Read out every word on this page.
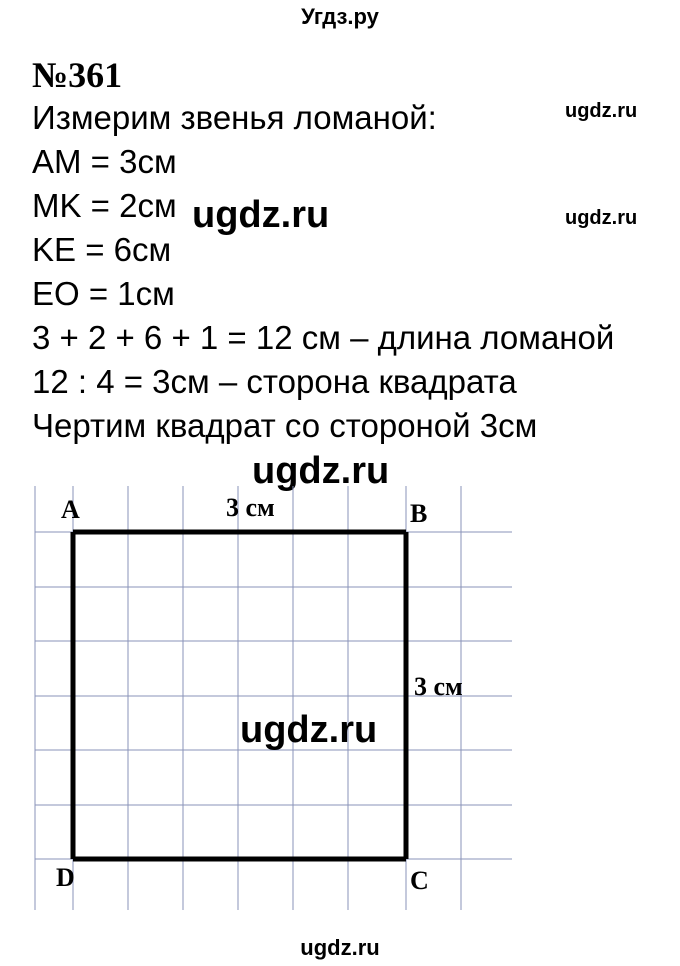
Угдз.ру
№361
Измерим звенья ломаной:
AM = 3см
MK = 2см
KE = 6см
EO = 1см
3 + 2 + 6 + 1 = 12 см – длина ломаной
12 : 4 = 3см – сторона квадрата
Чертим квадрат со стороной 3см
ugdz.ru
ugdz.ru
ugdz.ru
ugdz.ru
A	B
C
D
3 см
3 см
ugdz.ru
ugdz.ru
